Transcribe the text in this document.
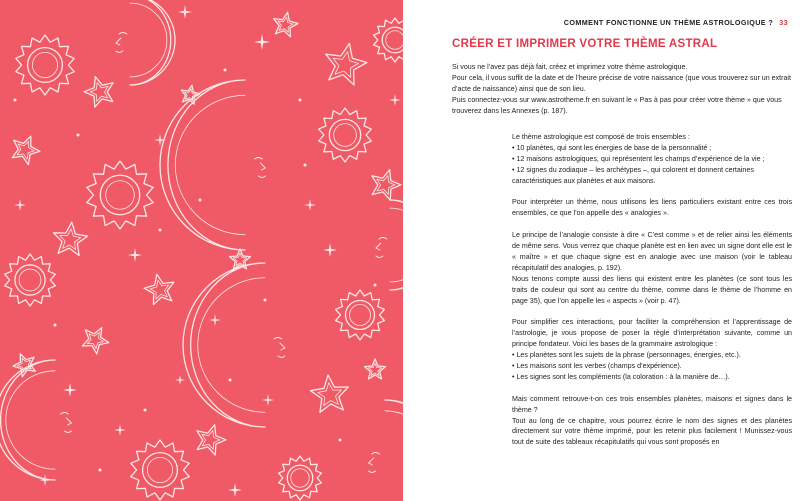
COMMENT FONCTIONNE UN THÈME ASTROLOGIQUE ? 33
CRÉER ET IMPRIMER VOTRE THÈME ASTRAL

Si vous ne l’avez pas déjà fait, créez et imprimez votre thème astrologique.

Pour cela, il vous suffit de la date et de l’heure précise de votre naissance (que vous trouverez sur un extrait d’acte de naissance) ainsi que de son lieu.

Puis connectez-vous sur www.astrotheme.fr en suivant le « Pas à pas pour créer votre thème » que vous trouverez dans les Annexes (p. 187).

Le thème astrologique est composé de trois ensembles :

• 10 planètes, qui sont les énergies de base de la personnalité ;
• 12 maisons astrologiques, qui représentent les champs d’expérience de la vie ;
• 12 signes du zodiaque – les archétypes –, qui colorent et donnent certaines caractéristiques aux planètes et aux maisons.

Pour interpréter un thème, nous utilisons les liens particuliers existant entre ces trois ensembles, ce que l’on appelle des « analogies ».

Le principe de l’analogie consiste à dire « C’est comme » et de relier ainsi les éléments de même sens. Vous verrez que chaque planète est en lien avec un signe dont elle est le « maître » et que chaque signe est en analogie avec une maison (voir le tableau récapitulatif des analogies, p. 192).

Nous tenons compte aussi des liens qui existent entre les planètes (ce sont tous les traits de couleur qui sont au centre du thème, comme dans le thème de l’homme en page 35), que l’on appelle les « aspects » (voir p. 47).

Pour simplifier ces interactions, pour faciliter la compréhension et l’apprentissage de l’astrologie, je vous propose de poser la règle d’interprétation suivante, comme un principe fondateur. Voici les bases de la grammaire astrologique :

• Les planètes sont les sujets de la phrase (personnages, énergies, etc.).
• Les maisons sont les verbes (champs d’expérience).
• Les signes sont les compléments (la coloration : à la manière de…).

Mais comment retrouve-t-on ces trois ensembles planètes, maisons et signes dans le thème ?

Tout au long de ce chapitre, vous pourrez écrire le nom des signes et des planètes directement sur votre thème imprimé, pour les retenir plus facilement ! Munissez-vous tout de suite des tableaux récapitulatifs qui vous sont proposés en
